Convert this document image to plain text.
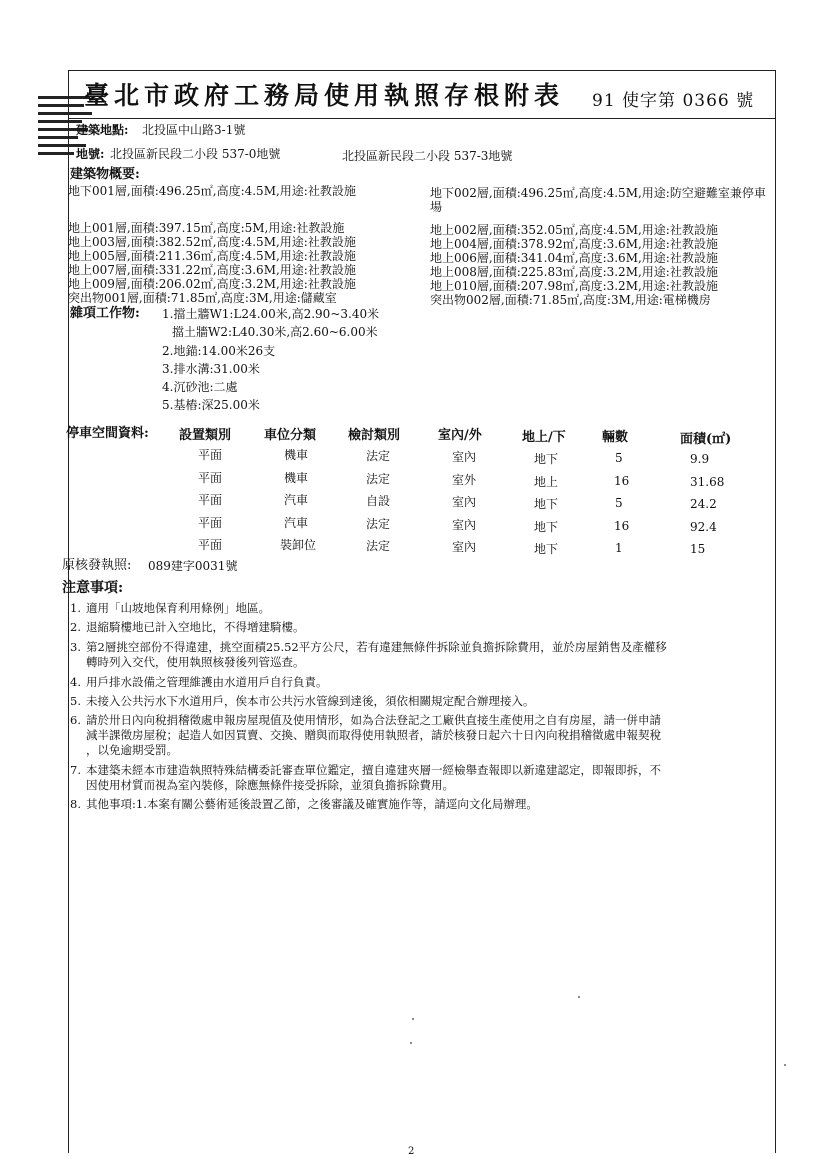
臺北市政府工務局使用執照存根附表 91 使字第 0366 號
建築地點: 北投區中山路3-1號
地號: 北投區新民段二小段 537-0地號	北投區新民段二小段 537-3地號
建築物概要:
地下001層,面積:496.25㎡,高度:4.5M,用途:社教設施	地下002層,面積:496.25㎡,高度:4.5M,用途:防空避難室兼停車
場
地上001層,面積:397.15㎡,高度:5M,用途:社教設施
地上003層,面積:382.52㎡,高度:4.5M,用途:社教設施
地上005層,面積:211.36㎡,高度:4.5M,用途:社教設施
地上007層,面積:331.22㎡,高度:3.6M,用途:社教設施
地上009層,面積:206.02㎡,高度:3.2M,用途:社教設施
突出物001層,面積:71.85㎡,高度:3M,用途:儲藏室
地上002層,面積:352.05㎡,高度:4.5M,用途:社教設施
地上004層,面積:378.92㎡,高度:3.6M,用途:社教設施
地上006層,面積:341.04㎡,高度:3.6M,用途:社教設施
地上008層,面積:225.83㎡,高度:3.2M,用途:社教設施
地上010層,面積:207.98㎡,高度:3.2M,用途:社教設施
突出物002層,面積:71.85㎡,高度:3M,用途:電梯機房
雜項工作物: 1.擋土牆W1:L24.00米,高2.90~3.40米
擋土牆W2:L40.30米,高2.60~6.00米
2.地錨:14.00米26支
3.排水溝:31.00米
4.沉砂池:二處
5.基樁:深25.00米
停車空間資料: 設置類別	車位分類 檢討類別	室內/外	地上/下	輛數	面積(㎡)
平面	機車	法定	室內	地下	5	9.9
平面	機車	法定	室外	地上	16	31.68
平面	汽車	自設	室內	地下	5	24.2
平面	汽車	法定	室內	地下	16	92.4
平面	裝卸位	法定	室內	地下	1	15
原核發執照: 089建字0031號
注意事項:
1. 適用「山坡地保育利用條例」地區。
2. 退縮騎樓地已計入空地比，不得增建騎樓。
3. 第2層挑空部份不得違建，挑空面積25.52平方公尺，若有違建無條件拆除並負擔拆除費用，並於房屋銷售及產權移
轉時列入交代，使用執照核發後列管巡查。
4. 用戶排水設備之管理維護由水道用戶自行負責。
5. 未接入公共污水下水道用戶，俟本市公共污水管線到達後，須依相關規定配合辦理接入。
6. 請於卅日內向稅捐稽徵處申報房屋現值及使用情形，如為合法登記之工廠供直接生產使用之自有房屋，請一併申請
減半課徵房屋稅；起造人如因買賣、交換、贈與而取得使用執照者，請於核發日起六十日內向稅捐稽徵處申報契稅
，以免逾期受罰。
7. 本建築未經本市建造執照特殊結構委託審查單位鑑定，擅自違建夾層一經檢舉查報即以新違建認定，即報即拆，不
因使用材質而視為室內裝修，除應無條件接受拆除，並須負擔拆除費用。
8. 其他事項:1.本案有關公藝術延後設置乙節，之後審議及確實施作等，請逕向文化局辦理。
2
